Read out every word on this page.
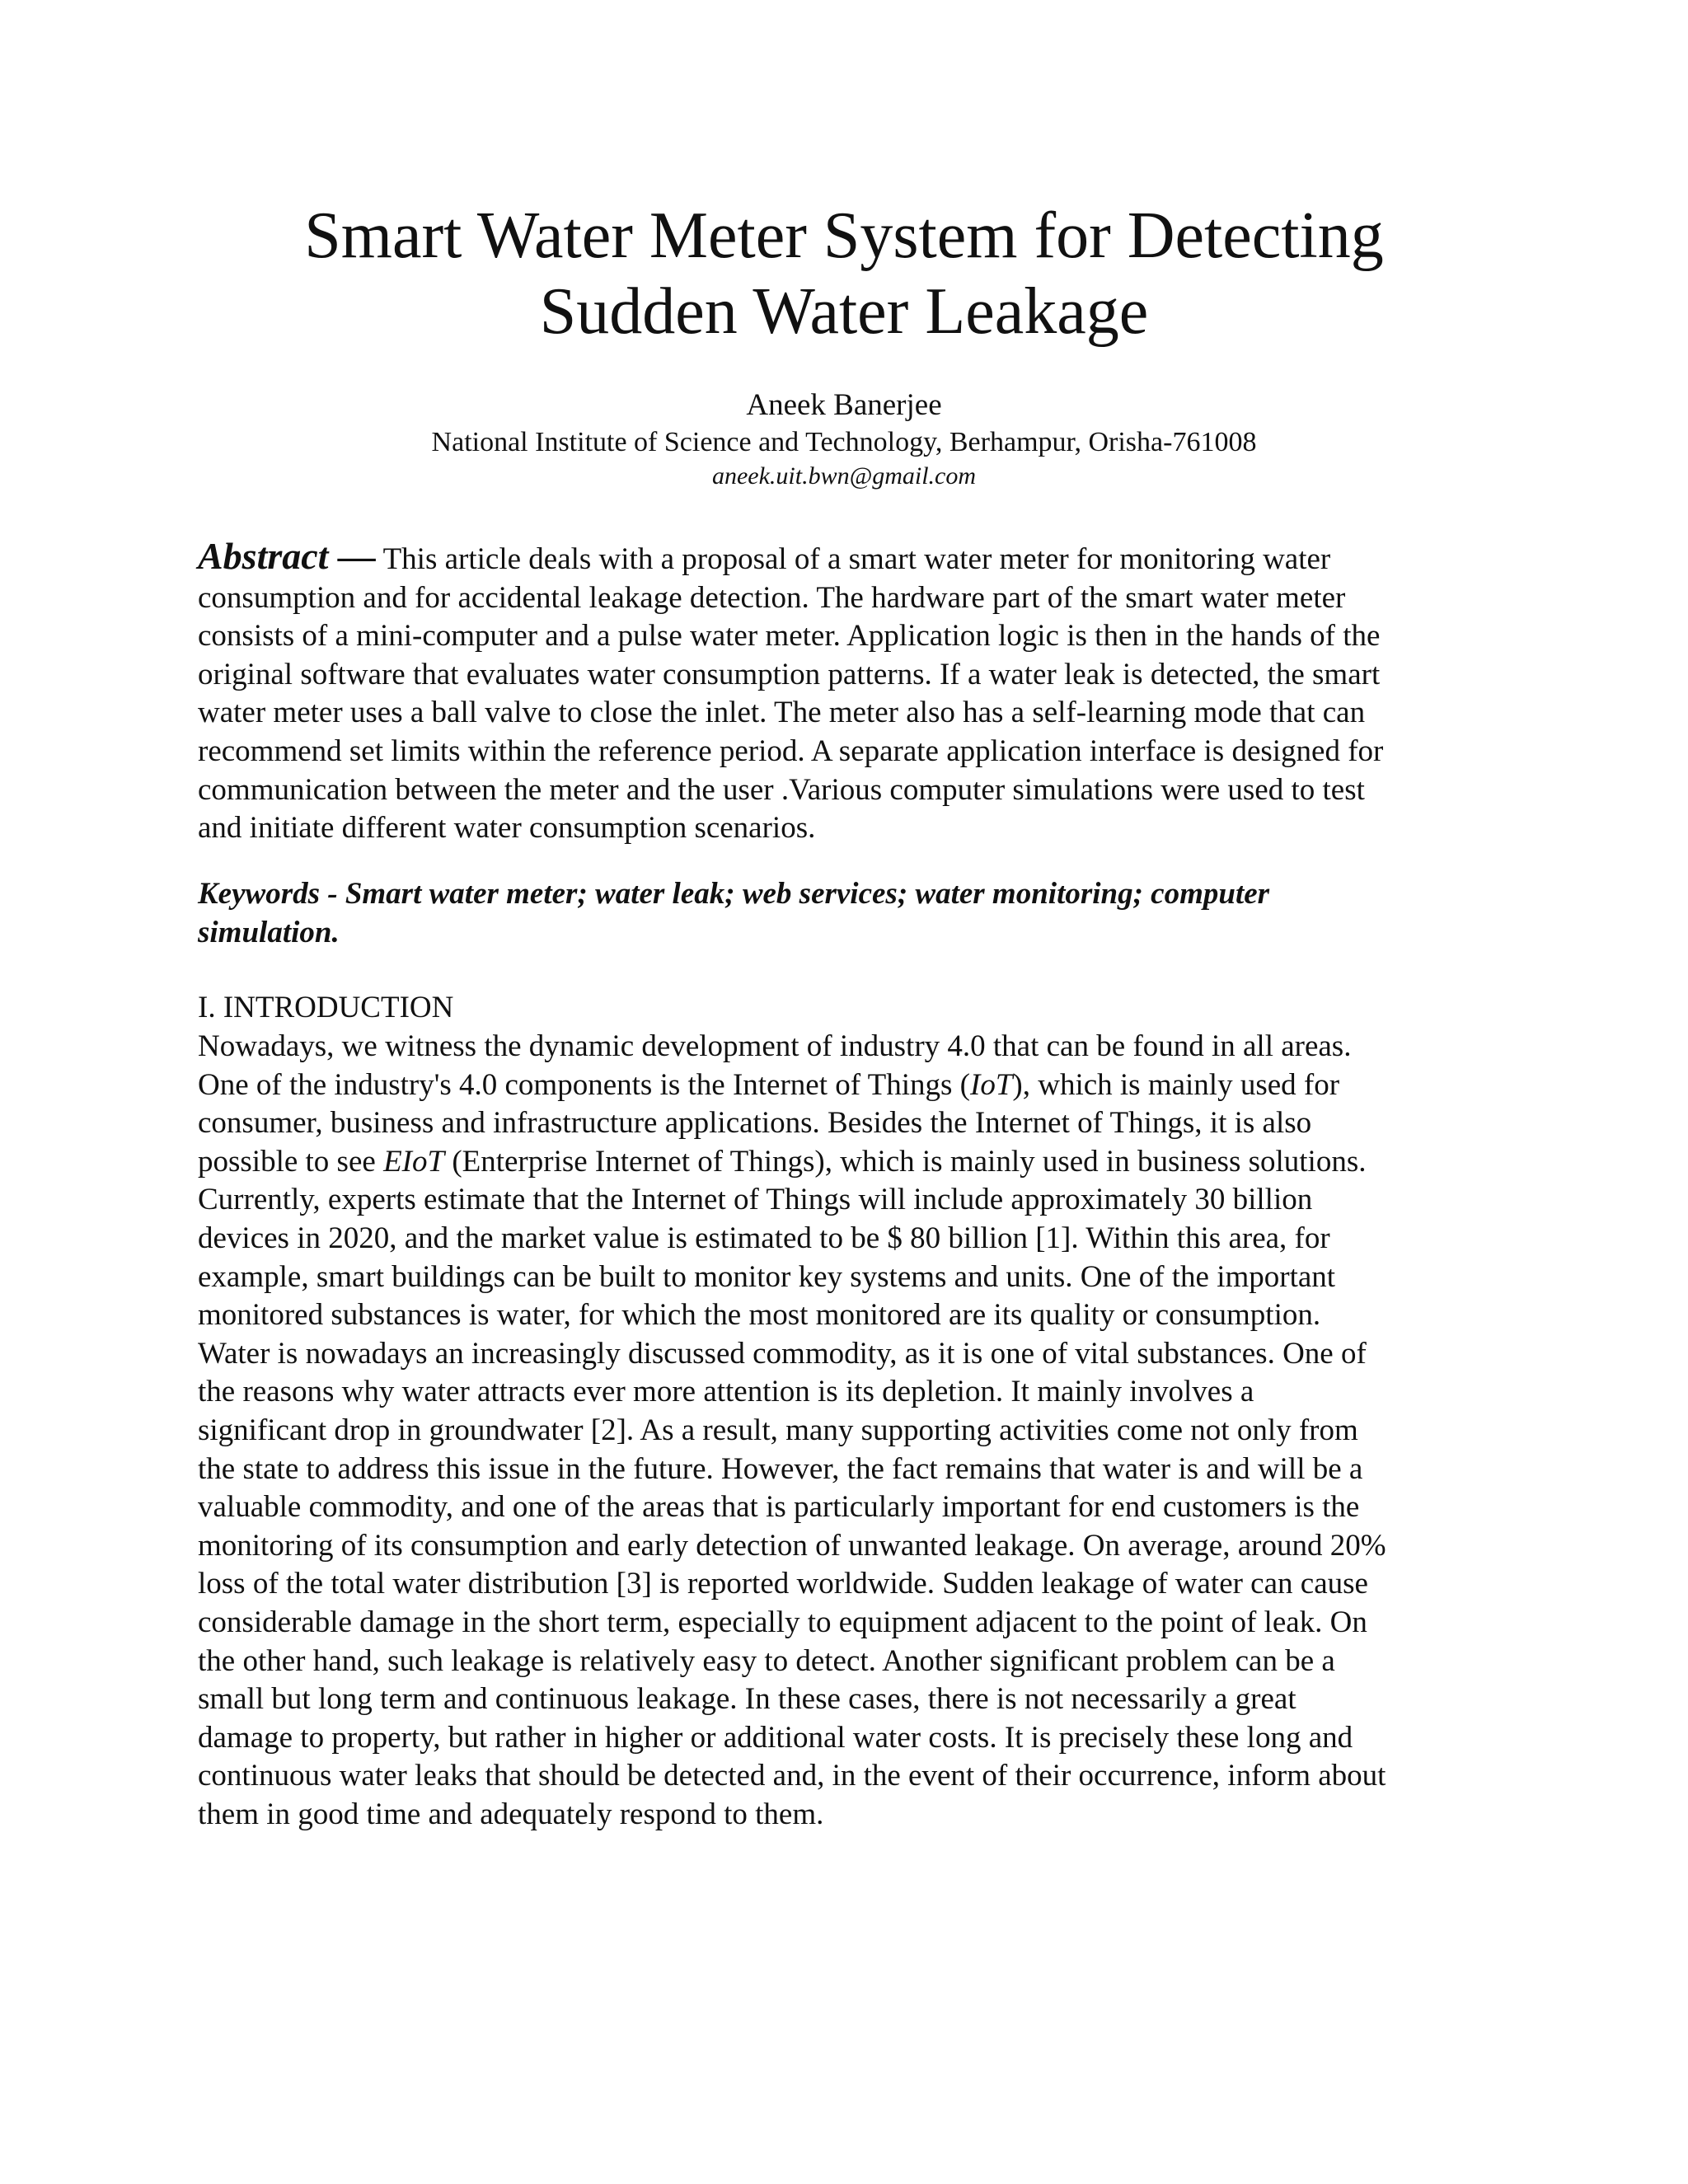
Smart Water Meter System for Detecting
Sudden Water Leakage
Aneek Banerjee
National Institute of Science and Technology, Berhampur, Orisha-761008
aneek.uit.bwn@gmail.com
Abstract — This article deals with a proposal of a smart water meter for monitoring water
consumption and for accidental leakage detection. The hardware part of the smart water meter
consists of a mini-computer and a pulse water meter. Application logic is then in the hands of the
original software that evaluates water consumption patterns. If a water leak is detected, the smart
water meter uses a ball valve to close the inlet. The meter also has a self-learning mode that can
recommend set limits within the reference period. A separate application interface is designed for
communication between the meter and the user .Various computer simulations were used to test
and initiate different water consumption scenarios.
Keywords - Smart water meter; water leak; web services; water monitoring; computer
simulation.
I. INTRODUCTION
Nowadays, we witness the dynamic development of industry 4.0 that can be found in all areas.
One of the industry's 4.0 components is the Internet of Things (IoT), which is mainly used for
consumer, business and infrastructure applications. Besides the Internet of Things, it is also
possible to see EIoT (Enterprise Internet of Things), which is mainly used in business solutions.
Currently, experts estimate that the Internet of Things will include approximately 30 billion
devices in 2020, and the market value is estimated to be $ 80 billion [1]. Within this area, for
example, smart buildings can be built to monitor key systems and units. One of the important
monitored substances is water, for which the most monitored are its quality or consumption.
Water is nowadays an increasingly discussed commodity, as it is one of vital substances. One of
the reasons why water attracts ever more attention is its depletion. It mainly involves a
significant drop in groundwater [2]. As a result, many supporting activities come not only from
the state to address this issue in the future. However, the fact remains that water is and will be a
valuable commodity, and one of the areas that is particularly important for end customers is the
monitoring of its consumption and early detection of unwanted leakage. On average, around 20%
loss of the total water distribution [3] is reported worldwide. Sudden leakage of water can cause
considerable damage in the short term, especially to equipment adjacent to the point of leak. On
the other hand, such leakage is relatively easy to detect. Another significant problem can be a
small but long term and continuous leakage. In these cases, there is not necessarily a great
damage to property, but rather in higher or additional water costs. It is precisely these long and
continuous water leaks that should be detected and, in the event of their occurrence, inform about
them in good time and adequately respond to them.
